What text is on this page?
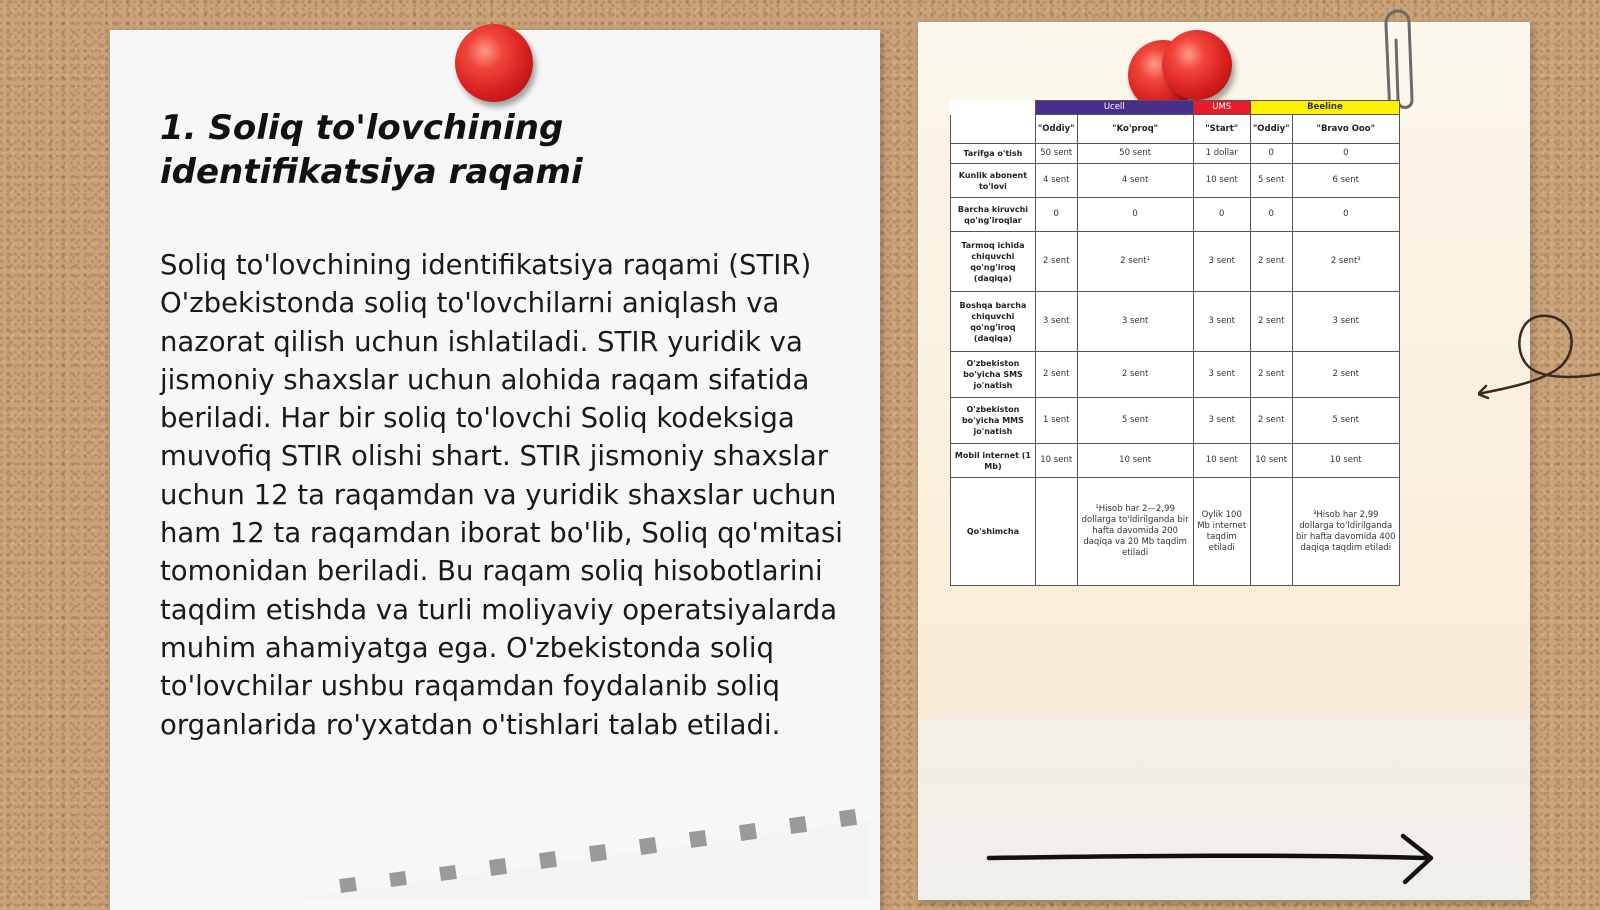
1. Soliq to'lovchining identifikatsiya raqami

Soliq to'lovchining identifikatsiya raqami (STIR) O'zbekistonda soliq to'lovchilarni aniqlash va nazorat qilish uchun ishlatiladi. STIR yuridik va jismoniy shaxslar uchun alohida raqam sifatida beriladi. Har bir soliq to'lovchi Soliq kodeksiga muvofiq STIR olishi shart. STIR jismoniy shaxslar uchun 12 ta raqamdan va yuridik shaxslar uchun ham 12 ta raqamdan iborat bo'lib, Soliq qo'mitasi tomonidan beriladi. Bu raqam soliq hisobotlarini taqdim etishda va turli moliyaviy operatsiyalarda muhim ahamiyatga ega. O'zbekistonda soliq to'lovchilar ushbu raqamdan foydalanib soliq organlarida ro'yxatdan o'tishlari talab etiladi.

	Ucell		UMS	Beeline	
	"Oddiy"	"Ko'proq"	"Start"	"Oddiy"	"Bravo Ooo"
Tarifga o'tish	50 sent	50 sent	1 dollar	0	0
Kunlik abonent to'lovi	4 sent	4 sent	10 sent	5 sent	6 sent
Barcha kiruvchi qo'ng'iroqlar	0	0	0	0	0
Tarmoq ichida chiquvchi qo'ng'iroq (daqiqa)	2 sent	2 sent¹	3 sent	2 sent	2 sent³
Boshqa barcha chiquvchi qo'ng'iroq (daqiqa)	3 sent	3 sent	3 sent	2 sent	3 sent
O'zbekiston bo'yicha SMS jo'natish	2 sent	2 sent	3 sent	2 sent	2 sent
O'zbekiston bo'yicha MMS jo'natish	1 sent	5 sent	3 sent	2 sent	5 sent
Mobil internet (1 Mb)	10 sent	10 sent	10 sent	10 sent	10 sent
Qo'shimcha		¹Hisob har 2—2,99 dollarga to'ldirilganda bir hafta davomida 200 daqiqa va 20 Mb taqdim etiladi	Oylik 100 Mb internet taqdim etiladi		³Hisob har 2,99 dollarga to'ldirilganda bir hafta davomida 400 daqiqa taqdim etiladi
